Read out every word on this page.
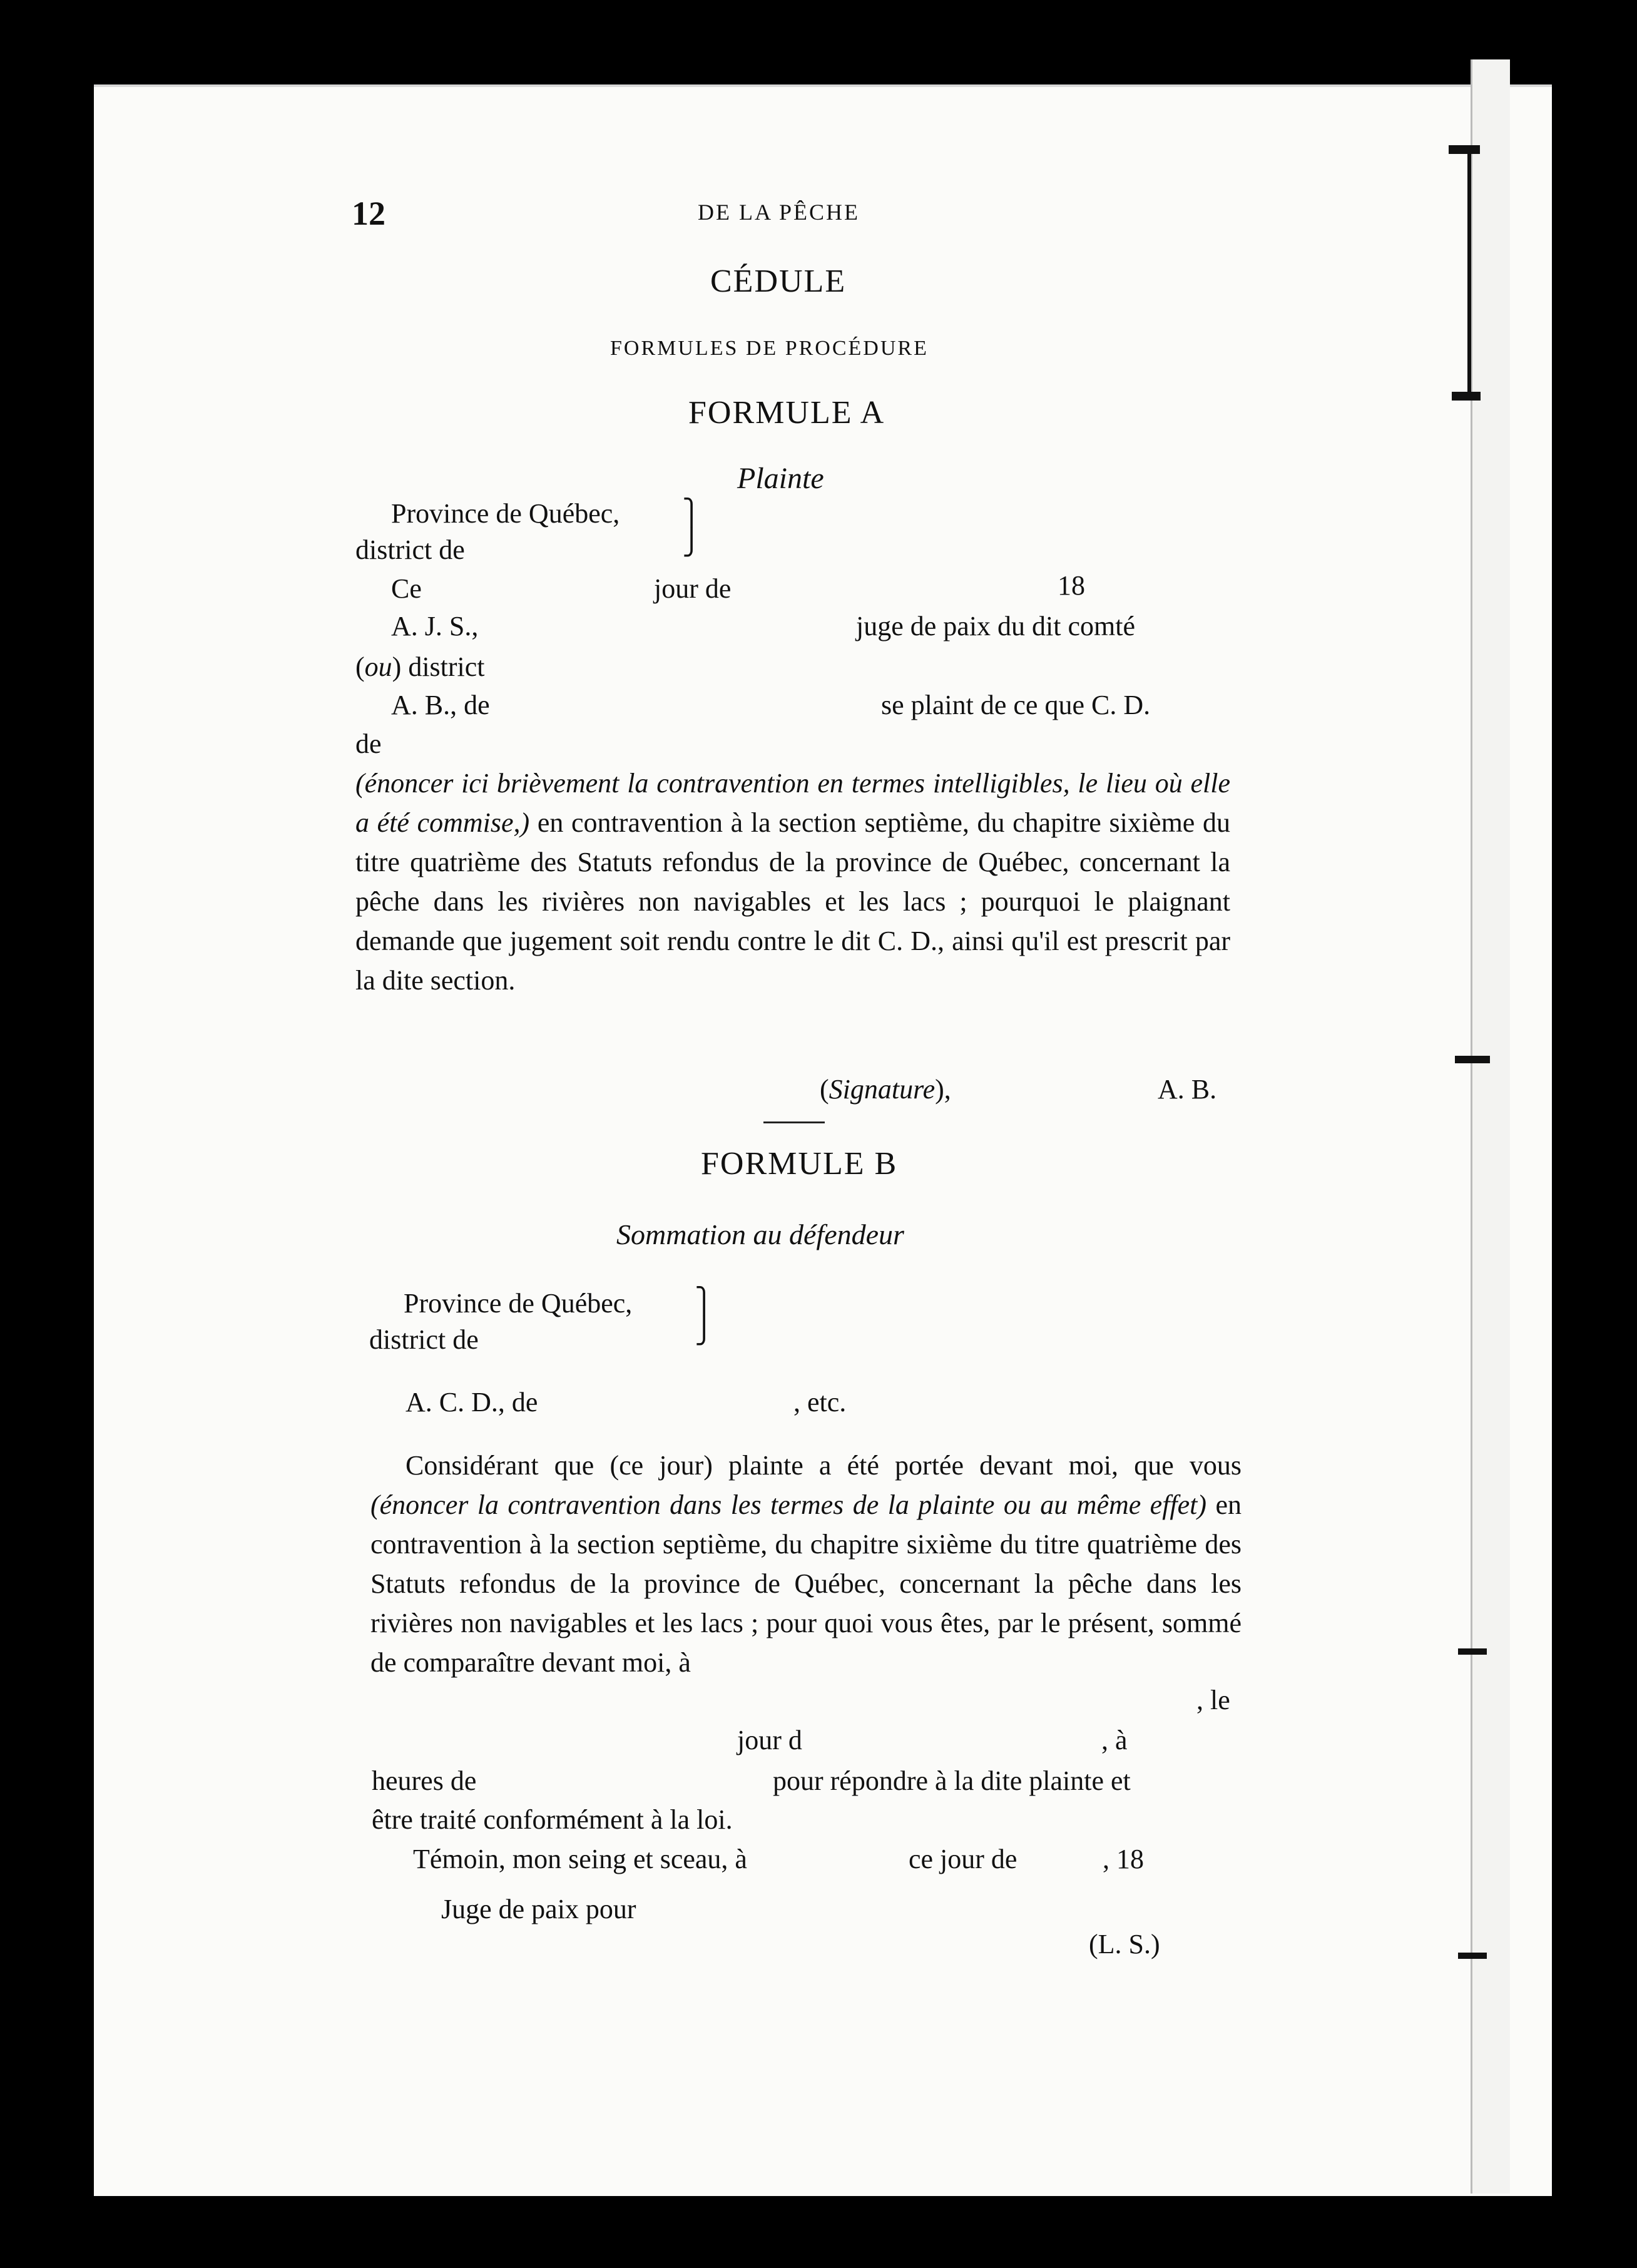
12	DE LA PÊCHE
CÉDULE
FORMULES DE PROCÉDURE
FORMULE A
Plainte
Province de Québec,
district de
⎫
⎭
Ce	jour de	18
A. J. S.,	juge de paix du dit comté
(ou) district
A. B., de	se plaint de ce que C. D.
de
(énoncer ici brièvement la contravention en termes intelligibles, le lieu où elle a été commise,) en contravention à la section septième, du chapitre sixième du titre quatrième des Statuts refondus de la province de Québec, concernant la pêche dans les rivières non navigables et les lacs ; pourquoi le plaignant demande que jugement soit rendu contre le dit C. D., ainsi qu'il est prescrit par la dite section.
(Signature),	A. B.
FORMULE B
Sommation au défendeur
Province de Québec,
district de
⎫
⎭
A. C. D., de	, etc.
Considérant que (ce jour) plainte a été portée devant moi, que vous (énoncer la contravention dans les termes de la plainte ou au même effet) en contravention à la section septième, du chapitre sixième du titre quatrième des Statuts refondus de la province de Québec, concernant la pêche dans les rivières non navigables et les lacs ; pour quoi vous êtes, par le présent, sommé de comparaître devant moi, à
, le
jour d	, à
heures de	pour répondre à la dite plainte et
être traité conformément à la loi.
Témoin, mon seing et sceau, à	ce jour de	, 18
Juge de paix pour
(L. S.)
